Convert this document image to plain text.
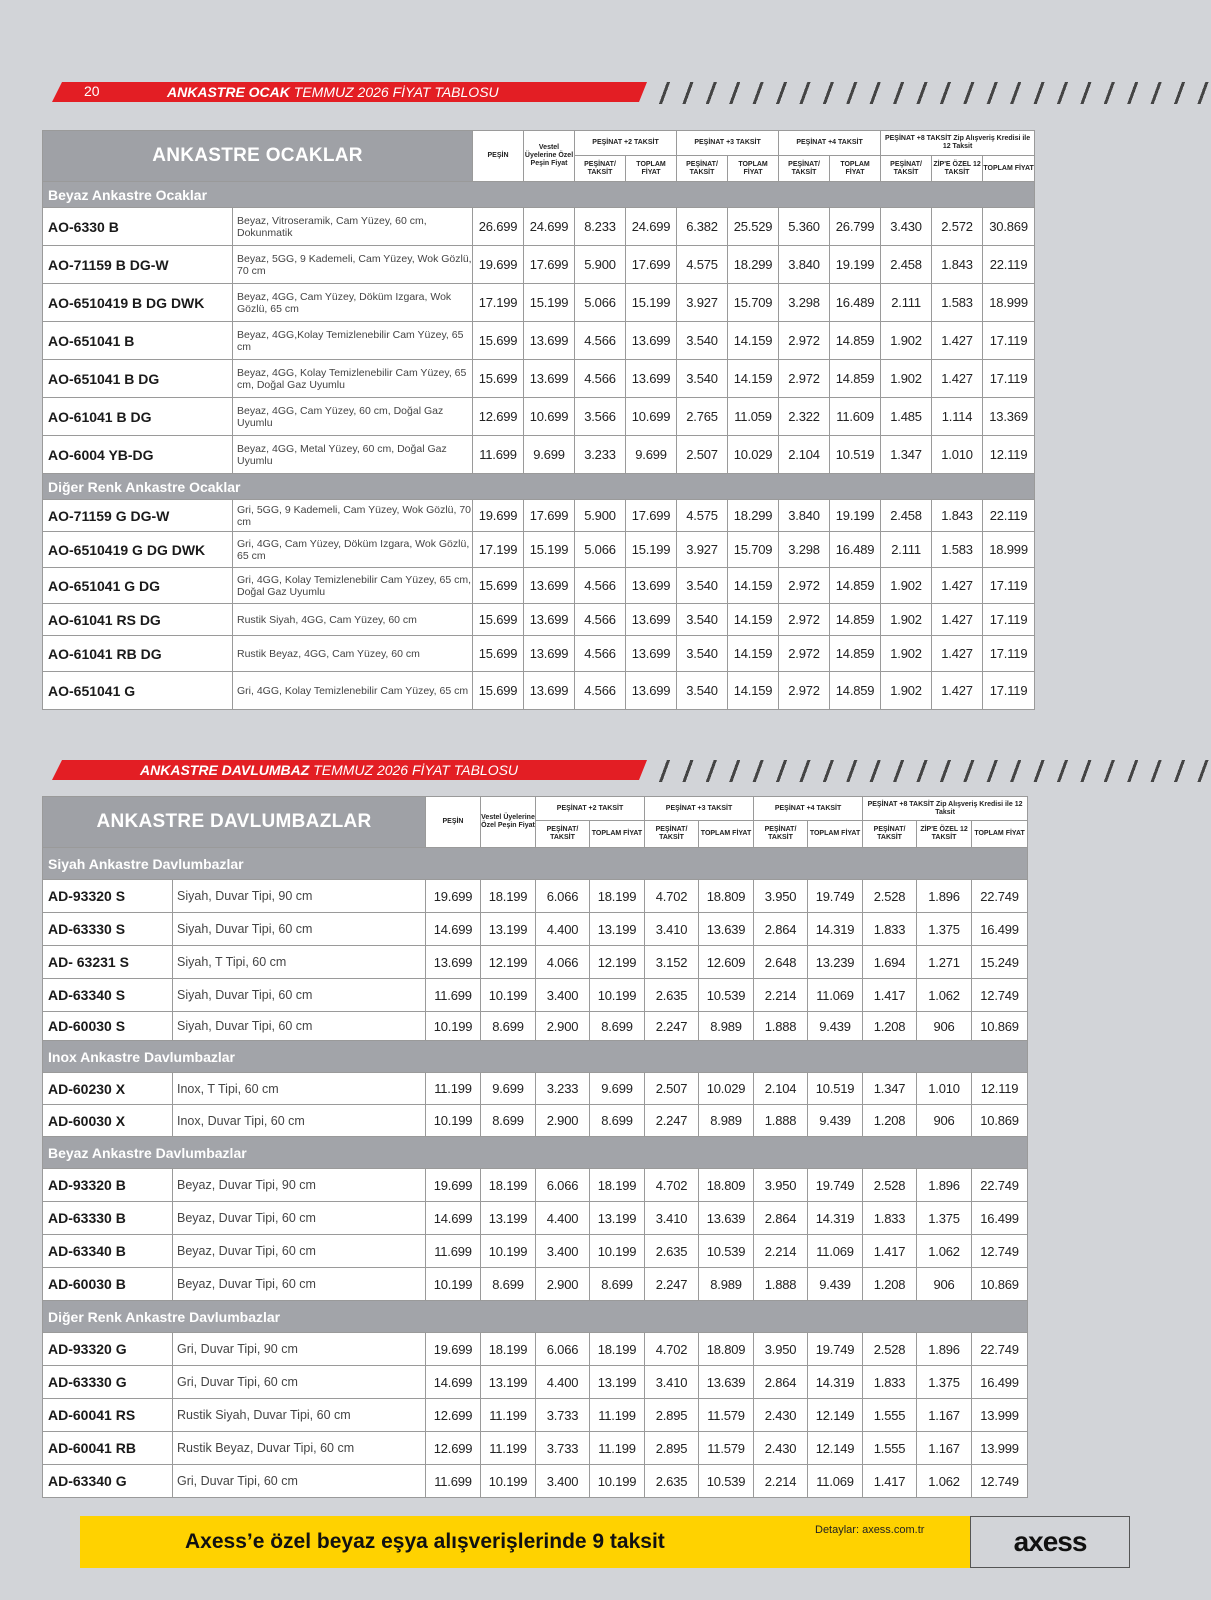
20	ANKASTRE OCAK TEMMUZ 2026 FİYAT TABLOSU
ANKASTRE OCAKLAR		PEŞİN	Vestel Üyelerine Özel Peşin Fiyat	PEŞİNAT +2 TAKSİT		PEŞİNAT +3 TAKSİT		PEŞİNAT +4 TAKSİT		PEŞİNAT +8 TAKSİT Zip Alışveriş Kredisi ile 12 Taksit		
				PEŞİNAT/ TAKSİT	TOPLAM FİYAT	PEŞİNAT/ TAKSİT	TOPLAM FİYAT	PEŞİNAT/ TAKSİT	TOPLAM FİYAT	PEŞİNAT/ TAKSİT	ZİP'E ÖZEL 12 TAKSİT	TOPLAM FİYAT
Beyaz Ankastre Ocaklar												
AO-6330 B	Beyaz, Vitroseramik, Cam Yüzey, 60 cm, Dokunmatik	26.699	24.699	8.233	24.699	6.382	25.529	5.360	26.799	3.430	2.572	30.869
AO-71159 B DG-W	Beyaz, 5GG, 9 Kademeli, Cam Yüzey, Wok Gözlü, 70 cm	19.699	17.699	5.900	17.699	4.575	18.299	3.840	19.199	2.458	1.843	22.119
AO-6510419 B DG DWK	Beyaz, 4GG, Cam Yüzey, Döküm Izgara, Wok Gözlü, 65 cm	17.199	15.199	5.066	15.199	3.927	15.709	3.298	16.489	2.111	1.583	18.999
AO-651041 B	Beyaz, 4GG,Kolay Temizlenebilir Cam Yüzey, 65 cm	15.699	13.699	4.566	13.699	3.540	14.159	2.972	14.859	1.902	1.427	17.119
AO-651041 B DG	Beyaz, 4GG, Kolay Temizlenebilir Cam Yüzey, 65 cm, Doğal Gaz Uyumlu	15.699	13.699	4.566	13.699	3.540	14.159	2.972	14.859	1.902	1.427	17.119
AO-61041 B DG	Beyaz, 4GG, Cam Yüzey, 60 cm, Doğal Gaz Uyumlu	12.699	10.699	3.566	10.699	2.765	11.059	2.322	11.609	1.485	1.114	13.369
AO-6004 YB-DG	Beyaz, 4GG, Metal Yüzey, 60 cm, Doğal Gaz Uyumlu	11.699	9.699	3.233	9.699	2.507	10.029	2.104	10.519	1.347	1.010	12.119
Diğer Renk Ankastre Ocaklar												
AO-71159 G DG-W	Gri, 5GG, 9 Kademeli, Cam Yüzey, Wok Gözlü, 70 cm	19.699	17.699	5.900	17.699	4.575	18.299	3.840	19.199	2.458	1.843	22.119
AO-6510419 G DG DWK	Gri, 4GG, Cam Yüzey, Döküm Izgara, Wok Gözlü, 65 cm	17.199	15.199	5.066	15.199	3.927	15.709	3.298	16.489	2.111	1.583	18.999
AO-651041 G DG	Gri, 4GG, Kolay Temizlenebilir Cam Yüzey, 65 cm, Doğal Gaz Uyumlu	15.699	13.699	4.566	13.699	3.540	14.159	2.972	14.859	1.902	1.427	17.119
AO-61041 RS DG	Rustik Siyah, 4GG, Cam Yüzey, 60 cm	15.699	13.699	4.566	13.699	3.540	14.159	2.972	14.859	1.902	1.427	17.119
AO-61041 RB DG	Rustik Beyaz, 4GG, Cam Yüzey, 60 cm	15.699	13.699	4.566	13.699	3.540	14.159	2.972	14.859	1.902	1.427	17.119
AO-651041 G	Gri, 4GG, Kolay Temizlenebilir Cam Yüzey, 65 cm	15.699	13.699	4.566	13.699	3.540	14.159	2.972	14.859	1.902	1.427	17.119
ANKASTRE DAVLUMBAZ TEMMUZ 2026 FİYAT TABLOSU
ANKASTRE DAVLUMBAZLAR		PEŞİN	Vestel Üyelerine Özel Peşin Fiyat	PEŞİNAT +2 TAKSİT		PEŞİNAT +3 TAKSİT		PEŞİNAT +4 TAKSİT		PEŞİNAT +8 TAKSİT Zip Alışveriş Kredisi ile 12 Taksit		
				PEŞİNAT/ TAKSİT	TOPLAM FİYAT	PEŞİNAT/ TAKSİT	TOPLAM FİYAT	PEŞİNAT/ TAKSİT	TOPLAM FİYAT	PEŞİNAT/ TAKSİT	ZİP'E ÖZEL 12 TAKSİT	TOPLAM FİYAT
Siyah Ankastre Davlumbazlar												
AD-93320 S	Siyah, Duvar Tipi, 90 cm	19.699	18.199	6.066	18.199	4.702	18.809	3.950	19.749	2.528	1.896	22.749
AD-63330 S	Siyah, Duvar Tipi, 60 cm	14.699	13.199	4.400	13.199	3.410	13.639	2.864	14.319	1.833	1.375	16.499
AD- 63231 S	Siyah, T Tipi, 60 cm	13.699	12.199	4.066	12.199	3.152	12.609	2.648	13.239	1.694	1.271	15.249
AD-63340 S	Siyah, Duvar Tipi, 60 cm	11.699	10.199	3.400	10.199	2.635	10.539	2.214	11.069	1.417	1.062	12.749
AD-60030 S	Siyah, Duvar Tipi, 60 cm	10.199	8.699	2.900	8.699	2.247	8.989	1.888	9.439	1.208	906	10.869
Inox Ankastre Davlumbazlar												
AD-60230 X	Inox, T Tipi, 60 cm	11.199	9.699	3.233	9.699	2.507	10.029	2.104	10.519	1.347	1.010	12.119
AD-60030 X	Inox, Duvar Tipi, 60 cm	10.199	8.699	2.900	8.699	2.247	8.989	1.888	9.439	1.208	906	10.869
Beyaz Ankastre Davlumbazlar												
AD-93320 B	Beyaz, Duvar Tipi, 90 cm	19.699	18.199	6.066	18.199	4.702	18.809	3.950	19.749	2.528	1.896	22.749
AD-63330 B	Beyaz, Duvar Tipi, 60 cm	14.699	13.199	4.400	13.199	3.410	13.639	2.864	14.319	1.833	1.375	16.499
AD-63340 B	Beyaz, Duvar Tipi, 60 cm	11.699	10.199	3.400	10.199	2.635	10.539	2.214	11.069	1.417	1.062	12.749
AD-60030 B	Beyaz, Duvar Tipi, 60 cm	10.199	8.699	2.900	8.699	2.247	8.989	1.888	9.439	1.208	906	10.869
Diğer Renk Ankastre Davlumbazlar												
AD-93320 G	Gri, Duvar Tipi, 90 cm	19.699	18.199	6.066	18.199	4.702	18.809	3.950	19.749	2.528	1.896	22.749
AD-63330 G	Gri, Duvar Tipi, 60 cm	14.699	13.199	4.400	13.199	3.410	13.639	2.864	14.319	1.833	1.375	16.499
AD-60041 RS	Rustik Siyah, Duvar Tipi, 60 cm	12.699	11.199	3.733	11.199	2.895	11.579	2.430	12.149	1.555	1.167	13.999
AD-60041 RB	Rustik Beyaz, Duvar Tipi, 60 cm	12.699	11.199	3.733	11.199	2.895	11.579	2.430	12.149	1.555	1.167	13.999
AD-63340 G	Gri, Duvar Tipi, 60 cm	11.699	10.199	3.400	10.199	2.635	10.539	2.214	11.069	1.417	1.062	12.749
Axess’e özel beyaz eşya alışverişlerinde 9 taksit	Detaylar: axess.com.tr	axess
